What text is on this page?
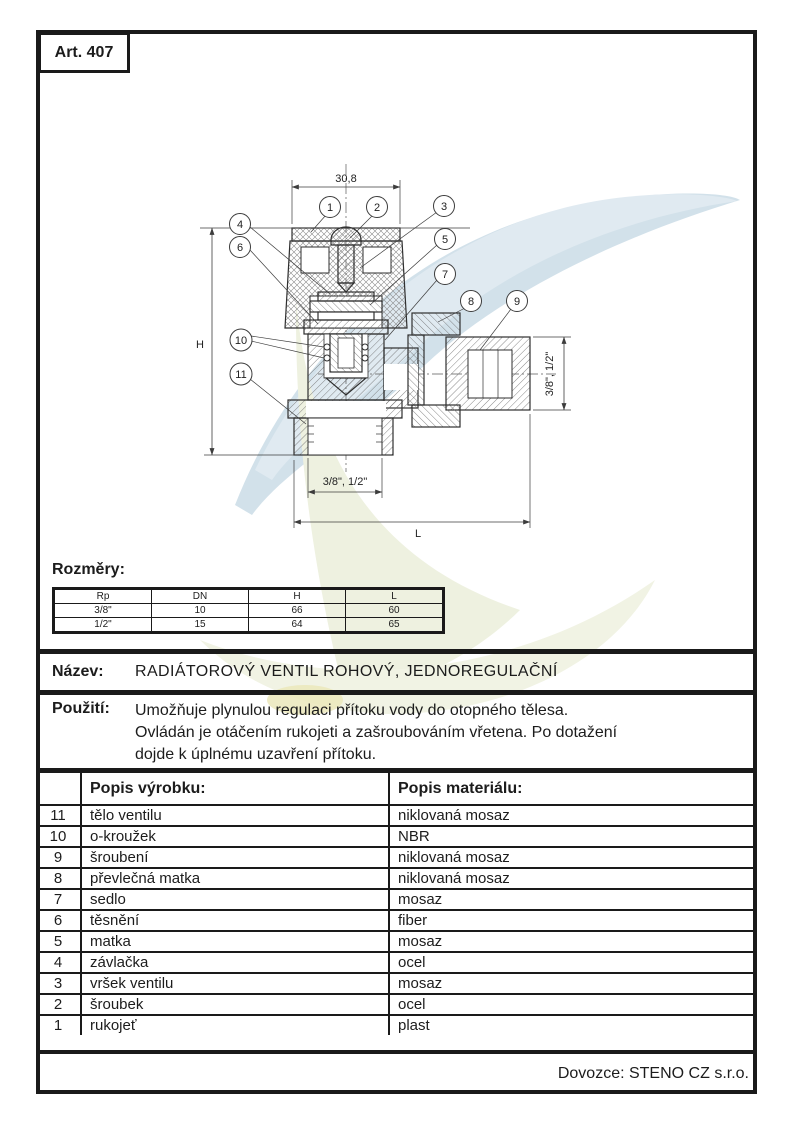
Art. 407
30,8
H
3/8", 1/2"
3/8", 1/2"
L
1	2	3
4
5
6
7
8	9
10
11
Rozměry:
Rp	DN	H	L
3/8"	10	66	60
1/2"	15	64	65
Název:	RADIÁTOROVÝ VENTIL ROHOVÝ, JEDNOREGULAČNÍ
Použití:	Umožňuje plynulou regulaci přítoku vody do otopného tělesa.
Ovládán je otáčením rukojeti a zašroubováním vřetena. Po dotažení
dojde k úplnému uzavření přítoku.
	Popis výrobku:	Popis materiálu:
11	tělo ventilu	niklovaná mosaz
10	o-kroužek	NBR
9	šroubení	niklovaná mosaz
8	převlečná matka	niklovaná mosaz
7	sedlo	mosaz
6	těsnění	fiber
5	matka	mosaz
4	závlačka	ocel
3	vršek ventilu	mosaz
2	šroubek	ocel
1	rukojeť	plast
Dovozce: STENO CZ s.r.o.
